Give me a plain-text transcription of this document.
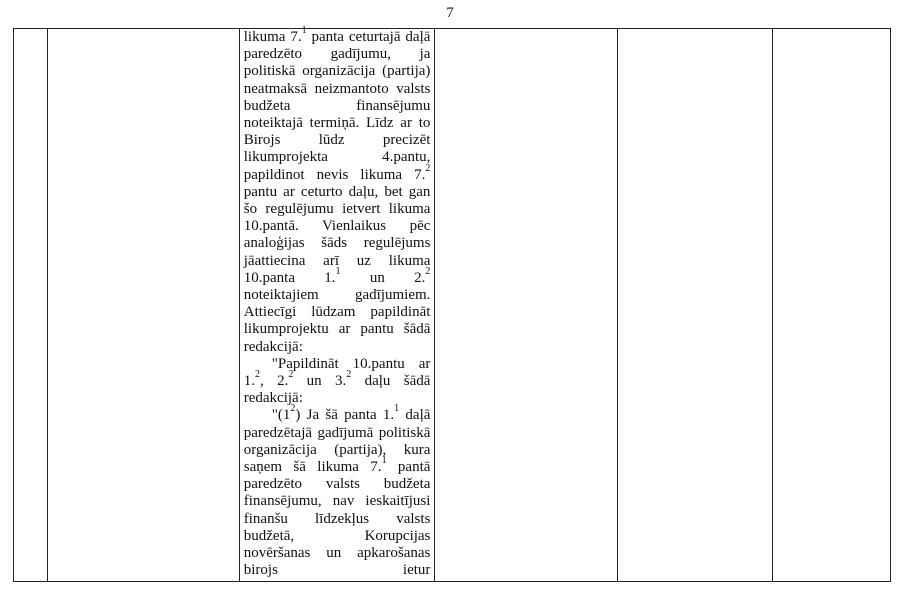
7

likuma 7.$^1$ panta ceturtajā daļā paredzēto gadījumu, ja politiskā organizācija (partija) neatmaksā neizmantoto valsts budžeta finansējumu noteiktajā termiņā. Līdz ar to Birojs lūdz precizēt likumprojekta 4.pantu, papildinot nevis likuma 7.$^2$ pantu ar ceturto daļu, bet gan šo regulējumu ietvert likuma 10.pantā. Vienlaikus pēc analoģijas šāds regulējums jāattiecina arī uz likuma 10.panta 1.$^1$ un 2.$^2$ noteiktajiem gadījumiem. Attiecīgi lūdzam papildināt likumprojektu ar pantu šādā redakcijā:

"Papildināt 10.pantu ar 1.$^2$, 2.$^2$ un 3.$^2$ daļu šādā redakcijā:

"$(1^2)$ Ja šā panta 1.$^1$ daļā paredzētajā gadījumā politiskā organizācija (partija), kura saņem šā likuma 7.$^1$ pantā paredzēto valsts budžeta finansējumu, nav ieskaitījusi finanšu līdzekļus valsts budžetā, Korupcijas novēršanas un apkarošanas birojs ietur
